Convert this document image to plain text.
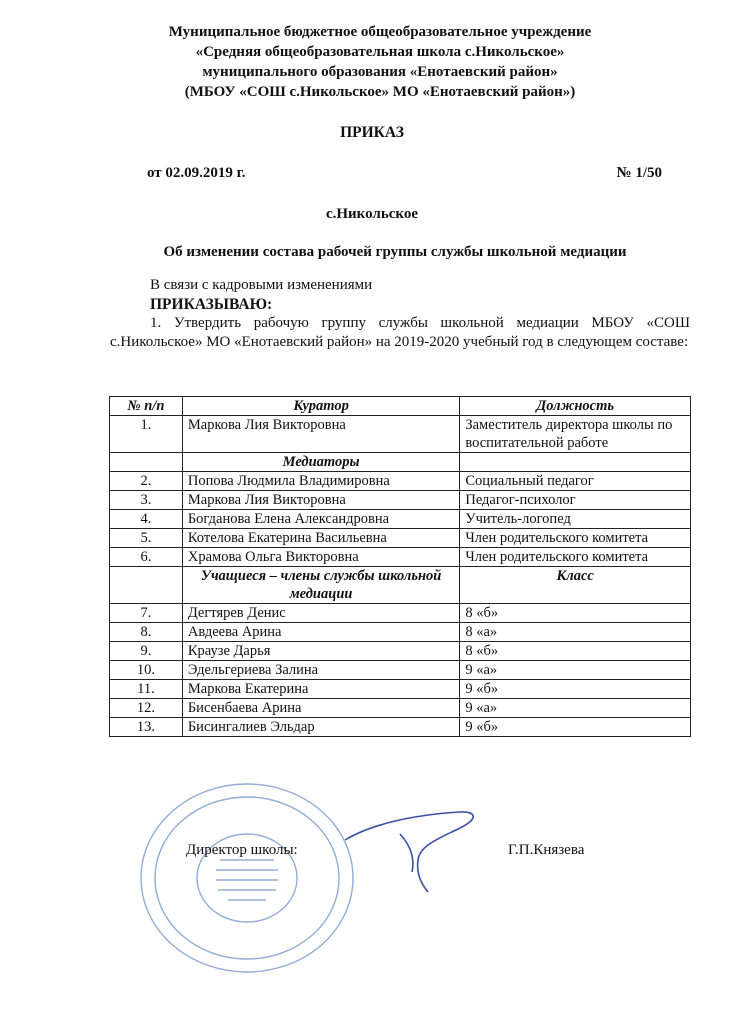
Муниципальное бюджетное общеобразовательное учреждение
«Средняя общеобразовательная школа с.Никольское»
муниципального образования «Енотаевский район»
(МБОУ «СОШ с.Никольское» МО «Енотаевский район»)
ПРИКАЗ
от 02.09.2019 г.	№ 1/50
с.Никольское
Об изменении состава рабочей группы службы школьной медиации
В связи с кадровыми изменениями
ПРИКАЗЫВАЮ:
1. Утвердить рабочую группу службы школьной медиации МБОУ «СОШ с.Никольское» МО «Енотаевский район» на 2019-2020 учебный год в следующем составе:
№ п/п	Куратор	Должность
1.	Маркова Лия Викторовна	Заместитель директора школы по воспитательной работе
	Медиаторы	
2.	Попова Людмила Владимировна	Социальный педагог
3.	Маркова Лия Викторовна	Педагог-психолог
4.	Богданова Елена Александровна	Учитель-логопед
5.	Котелова Екатерина Васильевна	Член родительского комитета
6.	Храмова Ольга Викторовна	Член родительского комитета
	Учащиеся – члены службы школьной медиации	Класс
7.	Дегтярев Денис	8 «б»
8.	Авдеева Арина	8 «а»
9.	Краузе Дарья	8 «б»
10.	Эдельгериева Залина	9 «а»
11.	Маркова Екатерина	9 «б»
12.	Бисенбаева Арина	9 «а»
13.	Бисингалиев Эльдар	9 «б»
Директор школы:	Г.П.Князева
